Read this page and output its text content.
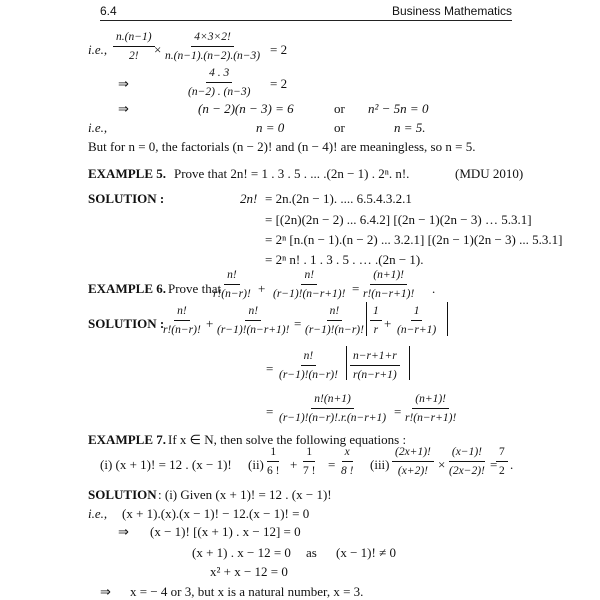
6.4	Business Mathematics
i.e.,
n.(n−1)
2! ×
4×3×2!
n.(n−1).(n−2).(n−3) = 2
⇒
4 . 3
(n−2) . (n−3)
= 2
⇒	(n − 2)(n − 3) = 6	or n² − 5n = 0
i.e.,	n = 0	or	n = 5.
But for n = 0, the factorials (n − 2)! and (n − 4)! are meaningless, so n = 5.
EXAMPLE 5. Prove that 2n! = 1 . 3 . 5 . ... .(2n − 1) . 2ⁿ. n!.	(MDU 2010)
SOLUTION :	2n! = 2n.(2n − 1). .... 6.5.4.3.2.1
= [(2n)(2n − 2) ... 6.4.2] [(2n − 1)(2n − 3) … 5.3.1]
= 2ⁿ [n.(n − 1).(n − 2) ... 3.2.1] [(2n − 1)(2n − 3) ... 5.3.1]
= 2ⁿ n! . 1 . 3 . 5 . … .(2n − 1).
EXAMPLE 6. Prove that
n!
r!(n−r)! +
n!
(r−1)!(n−r+1)! =
(n+1)!
r!(n−r+1)! .
SOLUTION :
n!
r!(n−r)! +
n!
(r−1)!(n−r+1)! =
n!
(r−1)!(n−r)!
1
r +
1
(n−r+1)
=
n!
(r−1)!(n−r)!
n−r+1+r
r(n−r+1)
=
n!(n+1)
(r−1)!(n−r)!.r.(n−r+1) =
(n+1)!
r!(n−r+1)!
EXAMPLE 7. If x ∈ N, then solve the following equations :
(i) (x + 1)! = 12 . (x − 1)! (ii)
1
6 ! +
1
7 ! =
x
8 ! (iii)
(2x+1)!
(x+2)! ×
(x−1)!
(2x−2)! =
7
2 .
SOLUTION : (i) Given (x + 1)! = 12 . (x − 1)!
i.e., (x + 1).(x).(x − 1)! − 12.(x − 1)! = 0
⇒ (x − 1)! [(x + 1) . x − 12] = 0
(x + 1) . x − 12 = 0 as (x − 1)! ≠ 0
x² + x − 12 = 0
⇒ x = − 4 or 3, but x is a natural number, x = 3.
